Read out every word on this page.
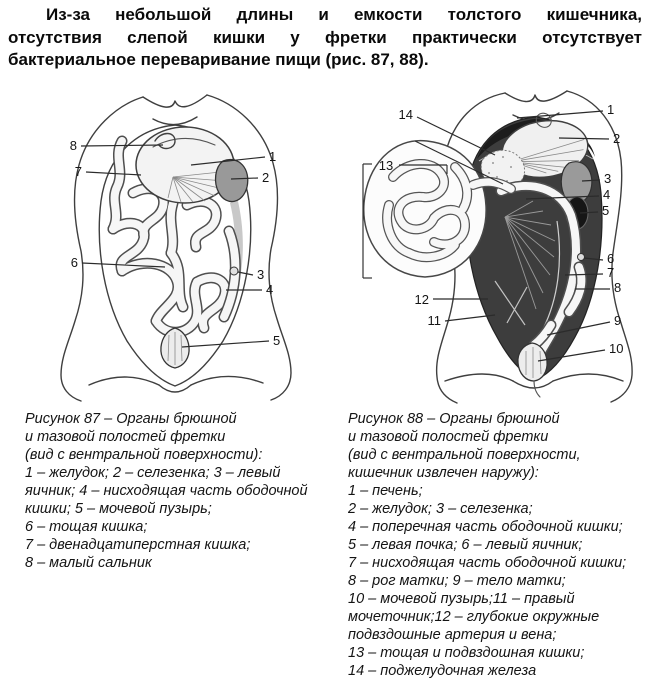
Из-за небольшой длины и емкости толстого кишечника,
отсутствия слепой кишки у фретки практически отсутствует
бактериальное переваривание пищи (рис. 87, 88).
8
7
6
1
2
3
4
5
14
13
12
11
1
2
3
4
5
6
7
8
9
10
Рисунок 87 – Органы брюшной
и тазовой полостей фретки
(вид с вентральной поверхности):
1 – желудок; 2 – селезенка; 3 – левый
яичник; 4 – нисходящая часть ободочной
кишки; 5 – мочевой пузырь;
6 – тощая кишка;
7 – двенадцатиперстная кишка;
8 – малый сальник
Рисунок 88 – Органы брюшной
и тазовой полостей фретки
(вид с вентральной поверхности,
кишечник извлечен наружу):
1 – печень;
2 – желудок; 3 – селезенка;
4 – поперечная часть ободочной кишки;
5 – левая почка; 6 – левый яичник;
7 – нисходящая часть ободочной кишки;
8 – рог матки; 9 – тело матки;
10 – мочевой пузырь;11 – правый
мочеточник;12 – глубокие окружные
подвздошные артерия и вена;
13 – тощая и подвздошная кишки;
14 – поджелудочная железа
